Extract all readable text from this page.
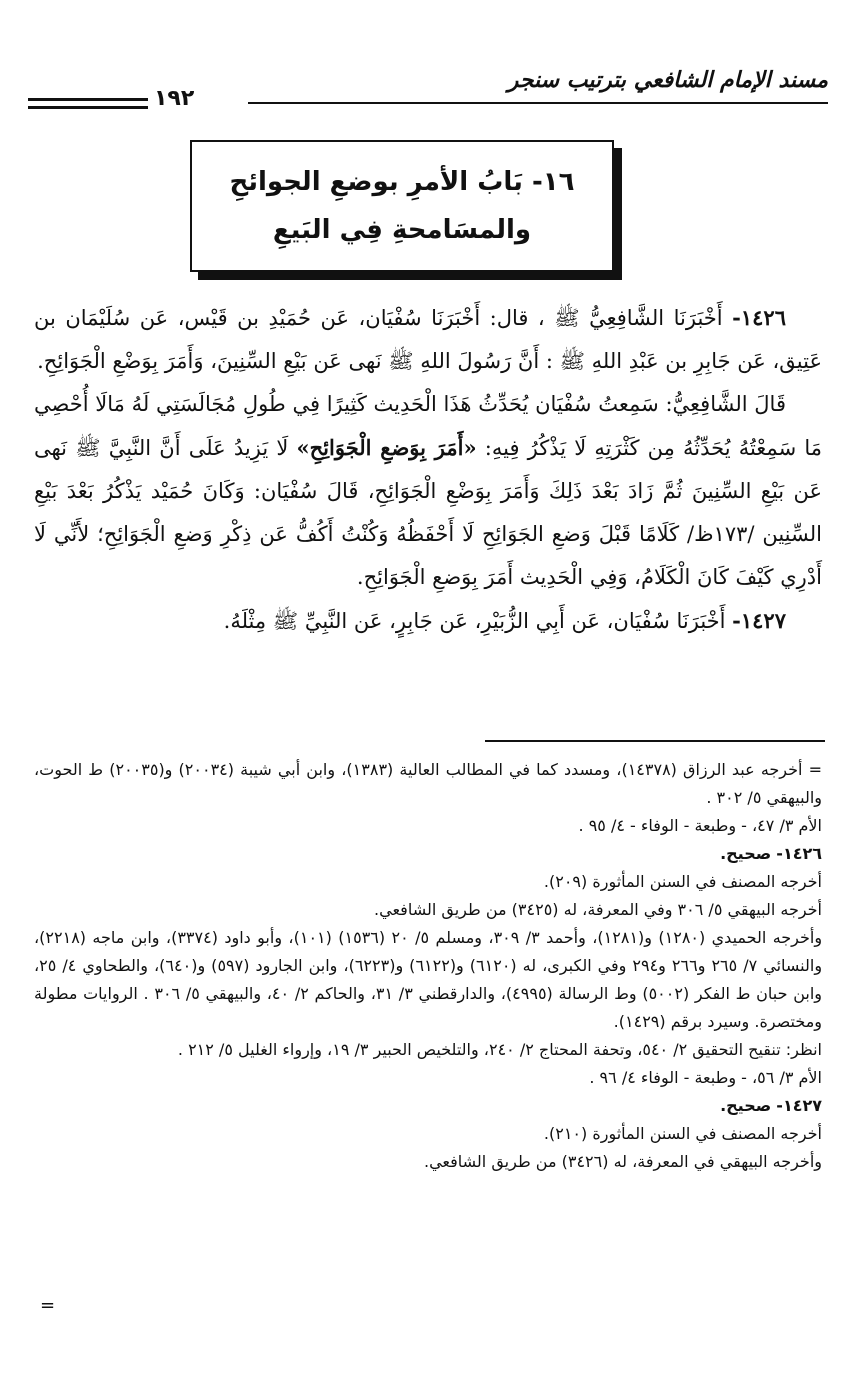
مسند الإمام الشافعي بترتيب سنجر
١٩٢
١٦- بَابُ الأمرِ بوضعِ الجوائحِ
والمسَامحةِ فِي البَيعِ

١٤٢٦- أَخْبَرَنَا الشَّافِعِيُّ ﷺ ، قال: أَخْبَرَنَا سُفْيَان، عَن حُمَيْدِ بن قَيْس، عَن سُلَيْمَان بن عَتِيق، عَن جَابِرِ بن عَبْدِ اللهِ ﷺ : أَنَّ رَسُولَ اللهِ ﷺ نَهى عَن بَيْعِ السِّنِينَ، وَأَمَرَ بِوَضْعِ الْجَوَائِحِ.

قَالَ الشَّافِعِيُّ: سَمِعتُ سُفْيَان يُحَدِّثُ هَذَا الْحَدِيث كَثِيرًا فِي طُولِ مُجَالَسَتِي لَهُ مَالَا أُحْصِي مَا سَمِعْتُهُ يُحَدِّثُهُ مِن كَثْرَتِهِ لَا يَذْكُرُ فِيهِ: «أَمَرَ بِوَضعِ الْجَوَائِحِ» لَا يَزِيدُ عَلَى أَنَّ النَّبِيَّ ﷺ نَهى عَن بَيْعِ السِّنِينَ ثُمَّ زَادَ بَعْدَ ذَلِكَ وَأَمَرَ بِوَضْعِ الْجَوَائِحِ، قَالَ سُفْيَان: وَكَانَ حُمَيْد يَذْكُرُ بَعْدَ بَيْعِ السِّنِين /١٧٣ظ/ كَلَامًا قَبْلَ وَضعِ الجَوَائِحِ لَا أَحْفَظُهُ وَكُنْتُ أَكُفُّ عَن ذِكْرِ وَضعِ الْجَوَائِحِ؛ لأَنِّي لَا أَدْرِي كَيْفَ كَانَ الْكَلَامُ، وَفِي الْحَدِيث أَمَرَ بِوَضعِ الْجَوَائِحِ.

١٤٢٧- أَخْبَرَنَا سُفْيَان، عَن أَبِي الزُّبَيْرِ، عَن جَابِرٍ، عَن النَّبِيِّ ﷺ مِثْلَهُ.

= أخرجه عبد الرزاق (١٤٣٧٨)، ومسدد كما في المطالب العالية (١٣٨٣)، وابن أبي شيبة (٢٠٠٣٤) و(٢٠٠٣٥) ط الحوت، والبيهقي ٥/ ٣٠٢ .

الأم ٣/ ٤٧، - وطبعة - الوفاء - ٤/ ٩٥ .

١٤٢٦- صحيح.

أخرجه المصنف في السنن المأثورة (٢٠٩).

أخرجه البيهقي ٥/ ٣٠٦ وفي المعرفة، له (٣٤٢٥) من طريق الشافعي.

وأخرجه الحميدي (١٢٨٠) و(١٢٨١)، وأحمد ٣/ ٣٠٩، ومسلم ٥/ ٢٠ (١٥٣٦) (١٠١)، وأبو داود (٣٣٧٤)، وابن ماجه (٢٢١٨)، والنسائي ٧/ ٢٦٥ و٢٦٦ و٢٩٤ وفي الكبرى، له (٦١٢٠) و(٦١٢٢) و(٦٢٢٣)، وابن الجارود (٥٩٧) و(٦٤٠)، والطحاوي ٤/ ٢٥، وابن حبان ط الفكر (٥٠٠٢) وط الرسالة (٤٩٩٥)، والدارقطني ٣/ ٣١، والحاكم ٢/ ٤٠، والبيهقي ٥/ ٣٠٦ . الروايات مطولة ومختصرة. وسيرد برقم (١٤٢٩).

انظر: تنقيح التحقيق ٢/ ٥٤٠، وتحفة المحتاج ٢/ ٢٤٠، والتلخيص الحبير ٣/ ١٩، وإرواء الغليل ٥/ ٢١٢ .

الأم ٣/ ٥٦، - وطبعة - الوفاء ٤/ ٩٦ .

١٤٢٧- صحيح.

أخرجه المصنف في السنن المأثورة (٢١٠).

وأخرجه البيهقي في المعرفة، له (٣٤٢٦) من طريق الشافعي.

=
